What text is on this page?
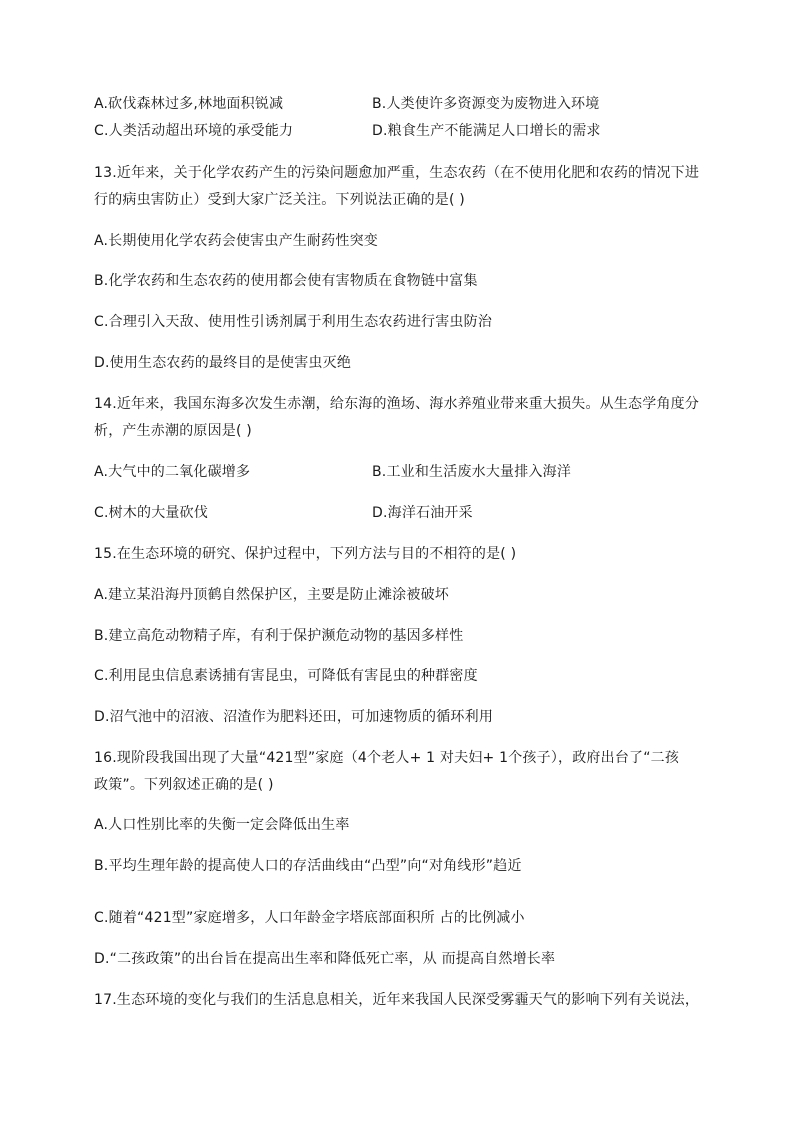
A.砍伐森林过多,林地面积锐减	B.人类使许多资源变为废物进入环境
C.人类活动超出环境的承受能力	D.粮食生产不能满足人口增长的需求
13.近年来，关于化学农药产生的污染问题愈加严重，生态农药（在不使用化肥和农药的情况下进
行的病虫害防止）受到大家广泛关注。下列说法正确的是( )
A.长期使用化学农药会使害虫产生耐药性突变
B.化学农药和生态农药的使用都会使有害物质在食物链中富集
C.合理引入天敌、使用性引诱剂属于利用生态农药进行害虫防治
D.使用生态农药的最终目的是使害虫灭绝
14.近年来，我国东海多次发生赤潮，给东海的渔场、海水养殖业带来重大损失。从生态学角度分
析，产生赤潮的原因是( )
A.大气中的二氧化碳增多	B.工业和生活废水大量排入海洋
C.树木的大量砍伐	D.海洋石油开采
15.在生态环境的研究、保护过程中，下列方法与目的不相符的是( )
A.建立某沿海丹顶鹤自然保护区，主要是防止滩涂被破坏
B.建立高危动物精子库，有利于保护濒危动物的基因多样性
C.利用昆虫信息素诱捕有害昆虫，可降低有害昆虫的种群密度
D.沼气池中的沼液、沼渣作为肥料还田，可加速物质的循环利用
16.现阶段我国出现了大量“421型”家庭（4个老人+ 1 对夫妇+ 1个孩子），政府出台了“二孩
政策”。下列叙述正确的是( )
A.人口性别比率的失衡一定会降低出生率
B.平均生理年龄的提高使人口的存活曲线由“凸型”向“对角线形”趋近
C.随着“421型”家庭增多，人口年龄金字塔底部面积所 占的比例减小
D.“二孩政策”的出台旨在提高出生率和降低死亡率，从 而提高自然增长率
17.生态环境的变化与我们的生活息息相关，近年来我国人民深受雾霾天气的影响下列有关说法，
